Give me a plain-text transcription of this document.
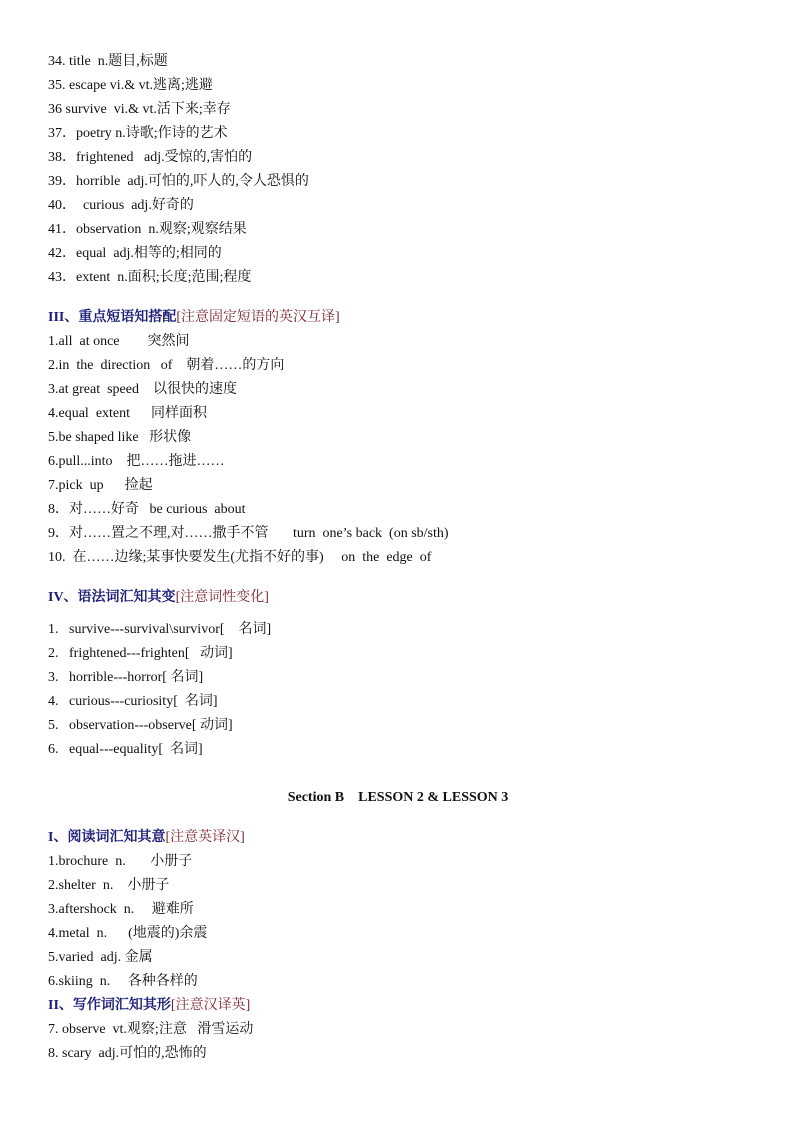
34. title  n.题目,标题
35. escape vi.& vt.逃离;逃避
36 survive  vi.& vt.活下来;幸存
37．poetry n.诗歌;作诗的艺术
38．frightened   adj.受惊的,害怕的
39．horrible  adj.可怕的,吓人的,令人恐惧的
40．  curious  adj.好奇的
41．observation  n.观察;观察结果
42．equal  adj.相等的;相同的
43．extent  n.面积;长度;范围;程度
III、重点短语知搭配[注意固定短语的英汉互译]
1.all  at once        突然间
2.in  the  direction   of    朝着……的方向
3.at great  speed    以很快的速度
4.equal  extent      同样面积
5.be shaped like   形状像
6.pull...into    把……拖进……
7.pick  up      捡起
8．对……好奇   be curious  about
9．对……置之不理,对……撒手不管       turn  one’s back  (on sb/sth)
10.  在……边缘;某事快要发生(尤指不好的事)     on  the  edge  of
IV、语法词汇知其变[注意词性变化]
1.   survive---survival\survivor[    名词]
2.   frightened---frighten[   动词]
3.   horrible---horror[ 名词]
4.   curious---curiosity[  名词]
5.   observation---observe[ 动词]
6.   equal---equality[  名词]
Section B    LESSON 2 & LESSON 3
I、阅读词汇知其意[注意英译汉]
1.brochure  n.       小册子
2.shelter  n.    小册子
3.aftershock  n.     避难所
4.metal  n.      (地震的)余震
5.varied  adj. 金属
6.skiing  n.     各种各样的
II、写作词汇知其形[注意汉译英]
7. observe  vt.观察;注意   滑雪运动
8. scary  adj.可怕的,恐怖的
